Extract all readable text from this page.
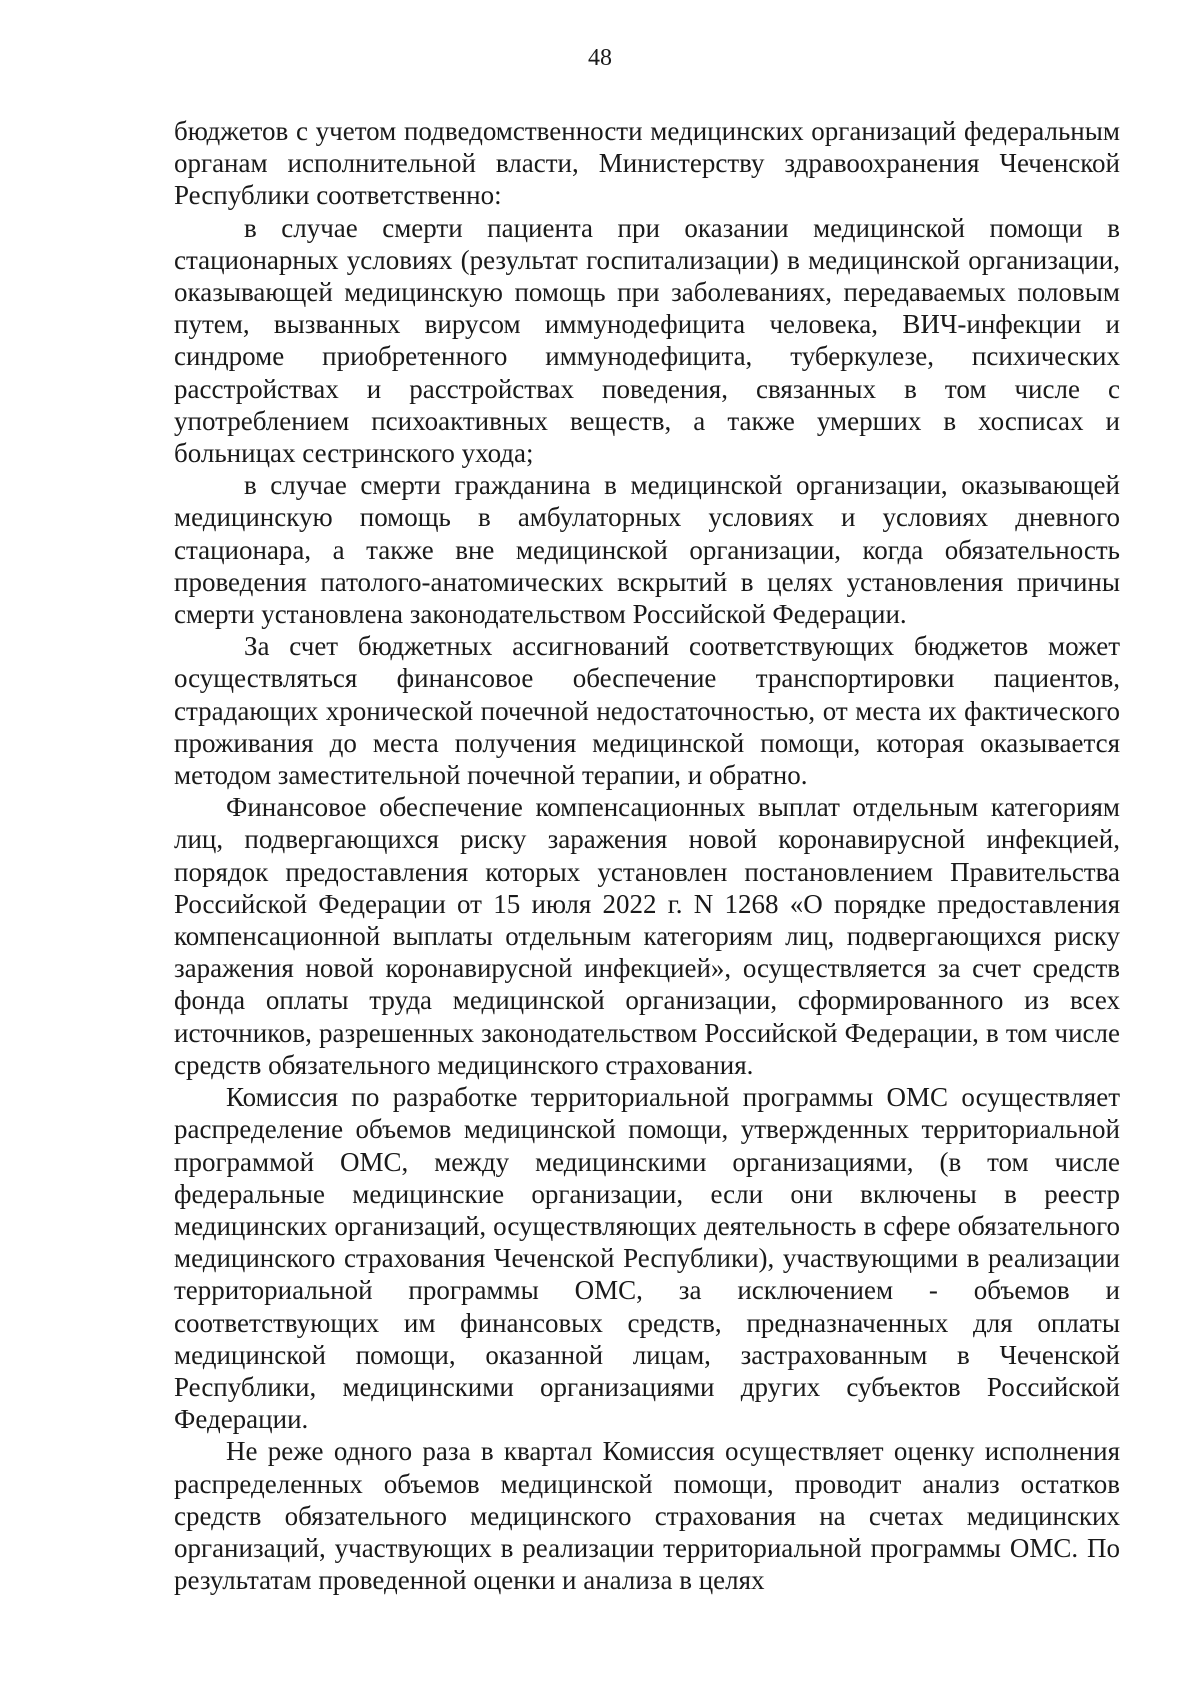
48

бюджетов с учетом подведомственности медицинских организаций федеральным органам исполнительной власти, Министерству здравоохранения Чеченской Республики соответственно:

в случае смерти пациента при оказании медицинской помощи в стационарных условиях (результат госпитализации) в медицинской организации, оказывающей медицинскую помощь при заболеваниях, передаваемых половым путем, вызванных вирусом иммунодефицита человека, ВИЧ-инфекции и синдроме приобретенного иммунодефицита, туберкулезе, психических расстройствах и расстройствах поведения, связанных в том числе с употреблением психоактивных веществ, а также умерших в хосписах и больницах сестринского ухода;

в случае смерти гражданина в медицинской организации, оказывающей медицинскую помощь в амбулаторных условиях и условиях дневного стационара, а также вне медицинской организации, когда обязательность проведения патолого-анатомических вскрытий в целях установления причины смерти установлена законодательством Российской Федерации.

За счет бюджетных ассигнований соответствующих бюджетов может осуществляться финансовое обеспечение транспортировки пациентов, страдающих хронической почечной недостаточностью, от места их фактического проживания до места получения медицинской помощи, которая оказывается методом заместительной почечной терапии, и обратно.

Финансовое обеспечение компенсационных выплат отдельным категориям лиц, подвергающихся риску заражения новой коронавирусной инфекцией, порядок предоставления которых установлен постановлением Правительства Российской Федерации от 15 июля 2022 г. N 1268 «О порядке предоставления компенсационной выплаты отдельным категориям лиц, подвергающихся риску заражения новой коронавирусной инфекцией», осуществляется за счет средств фонда оплаты труда медицинской организации, сформированного из всех источников, разрешенных законодательством Российской Федерации, в том числе средств обязательного медицинского страхования.

Комиссия по разработке территориальной программы ОМС осуществляет распределение объемов медицинской помощи, утвержденных территориальной программой ОМС, между медицинскими организациями, (в том числе федеральные медицинские организации, если они включены в реестр медицинских организаций, осуществляющих деятельность в сфере обязательного медицинского страхования Чеченской Республики), участвующими в реализации территориальной программы ОМС, за исключением - объемов и соответствующих им финансовых средств, предназначенных для оплаты медицинской помощи, оказанной лицам, застрахованным в Чеченской Республики, медицинскими организациями других субъектов Российской Федерации.

Не реже одного раза в квартал Комиссия осуществляет оценку исполнения распределенных объемов медицинской помощи, проводит анализ остатков средств обязательного медицинского страхования на счетах медицинских организаций, участвующих в реализации территориальной программы ОМС. По результатам проведенной оценки и анализа в целях
